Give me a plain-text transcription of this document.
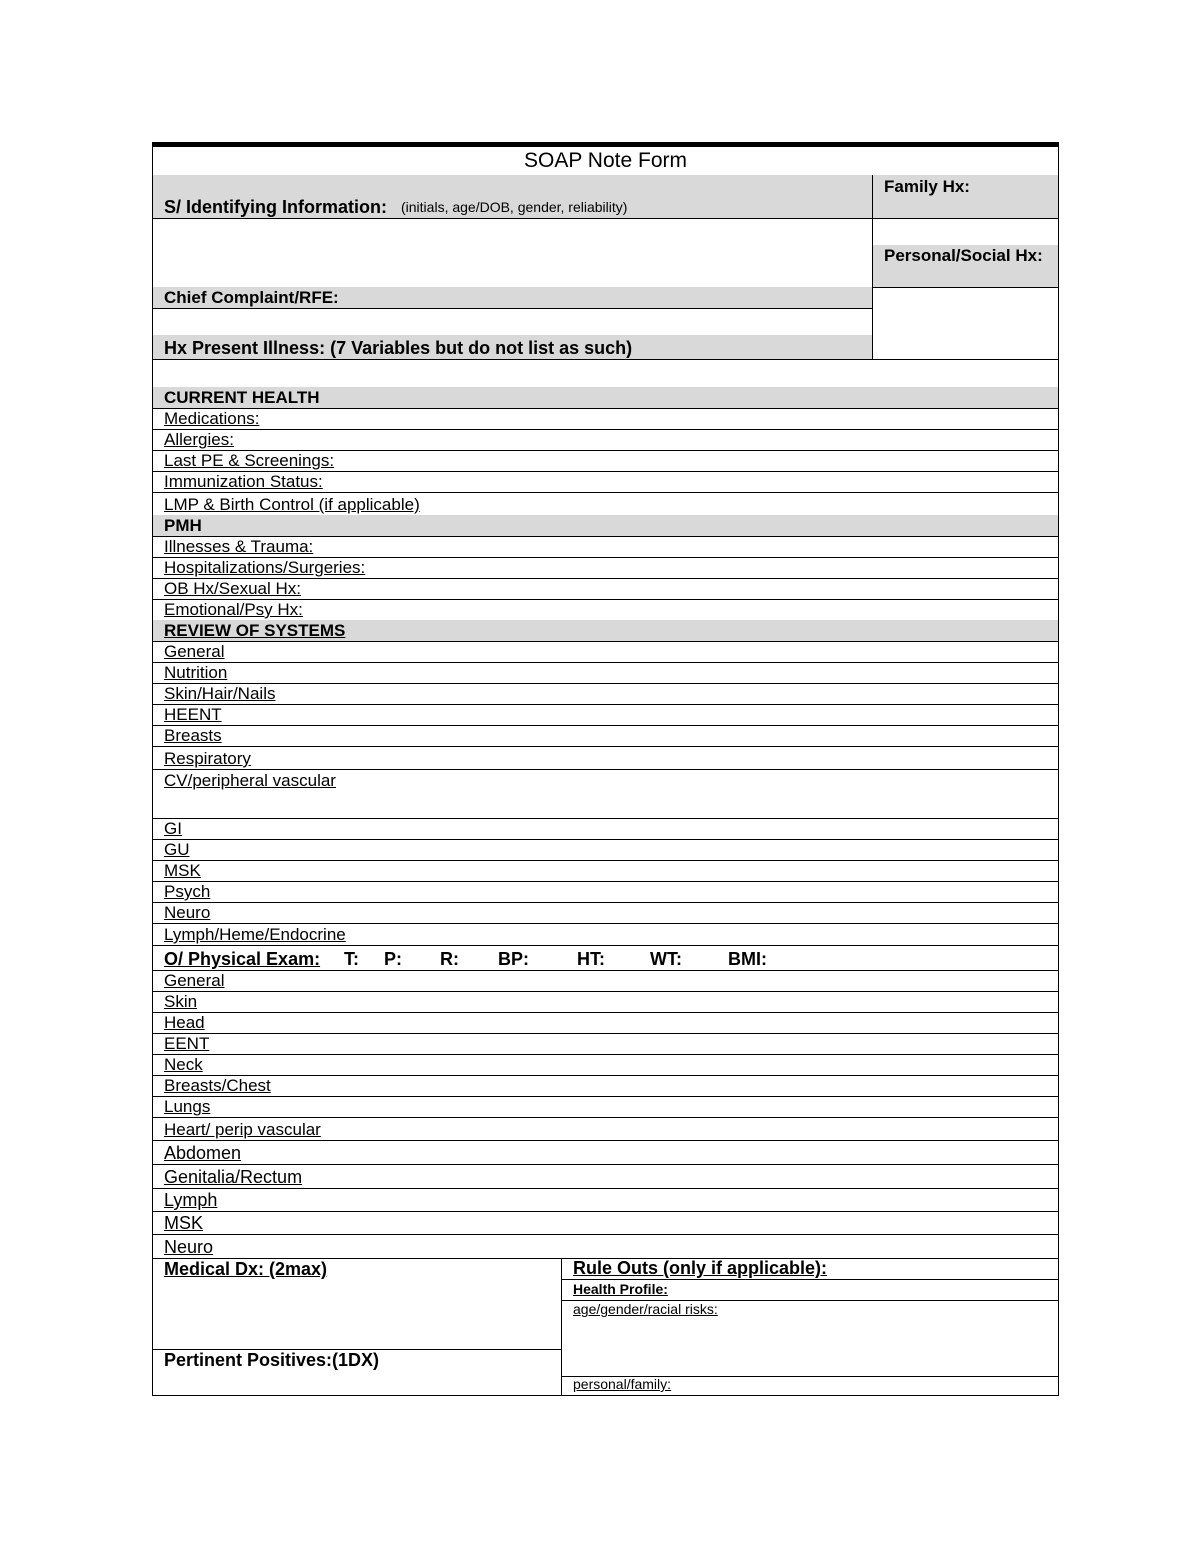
SOAP Note Form
S/ Identifying Information: (initials, age/DOB, gender, reliability)
Family Hx:
Personal/Social Hx:
Chief Complaint/RFE:
Hx Present Illness: (7 Variables but do not list as such)
CURRENT HEALTH
Medications:
Allergies:
Last PE & Screenings:
Immunization Status:
LMP & Birth Control (if applicable)
PMH
Illnesses & Trauma:
Hospitalizations/Surgeries:
OB Hx/Sexual Hx:
Emotional/Psy Hx:
REVIEW OF SYSTEMS
General
Nutrition
Skin/Hair/Nails
HEENT
Breasts
Respiratory
CV/peripheral vascular
GI
GU
MSK
Psych
Neuro
Lymph/Heme/Endocrine
O/ Physical Exam:	T:	P:	R:	BP:	HT:	WT:	BMI:
General
Skin
Head
EENT
Neck
Breasts/Chest
Lungs
Heart/ perip vascular
Abdomen
Genitalia/Rectum
Lymph
MSK
Neuro
Medical Dx: (2max)
Pertinent Positives:(1DX)
Rule Outs (only if applicable):
Health Profile:
age/gender/racial risks:
personal/family:
